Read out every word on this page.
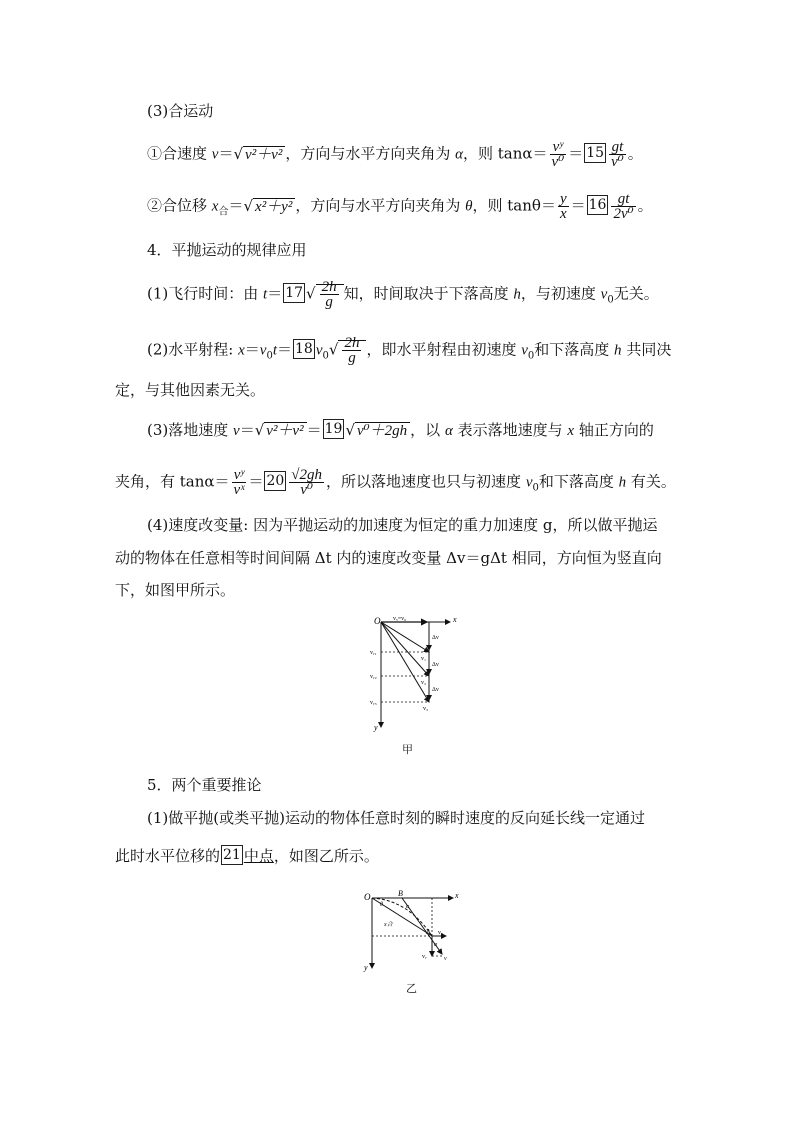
(3)合运动
①合速度 v＝√ v²＋v² ，方向与水平方向夹角为 α，则 $\tan\alpha= \frac{\text{vʸ}}{\text{v⁰}} = 15 \frac{gt}{\text{v⁰}}$ 。
②合位移 $x_合=√$ x²＋y² ，方向与水平方向夹角为 θ，则 $\tan\theta= \frac{y}{x} = 16 \frac{gt}{\text{2v⁰}}$ 。
4．平抛运动的规律应用
(1)飞行时间：由 t＝ 17 √ $\frac{2h}{g}$ 知，时间取决于下落高度 h，与初速度 $v_0$无关。
(2)水平射程: $x=v_0t= 18$ $v_0√ \frac{2h}{g}$ ，即水平射程由初速度 $v_0$和下落高度 h 共同决
定，与其他因素无关。
(3)落地速度 v＝√ v²＋v² ＝ 19 √ v⁰＋2gh ，以 α 表示落地速度与 x 轴正方向的
夹角，有 $\tan\alpha= \frac{\text{vʸ}}{\text{vˣ}} = 20 \frac{√2gh}{\text{v⁰}}$ ，所以落地速度也只与初速度 $v_0$和下落高度 h 有关。
(4)速度改变量: 因为平抛运动的加速度为恒定的重力加速度 g，所以做平抛运
动的物体在任意相等时间间隔 Δt 内的速度改变量 Δv＝gΔt 相同，方向恒为竖直向
下，如图甲所示。
O	x
y
vₓ=v₀
vᵧ₁
vᵧ₂
vᵧ₃
v₁
v₂
v₃
Δv
Δv
Δv
甲
5．两个重要推论
(1)做平抛(或类平抛)运动的物体任意时刻的瞬时速度的反向延长线一定通过
此时水平位移的 21 中点，如图乙所示。
O	B	x
y
A
θ	α
α
x合
v₀
vᵧ	v
乙
